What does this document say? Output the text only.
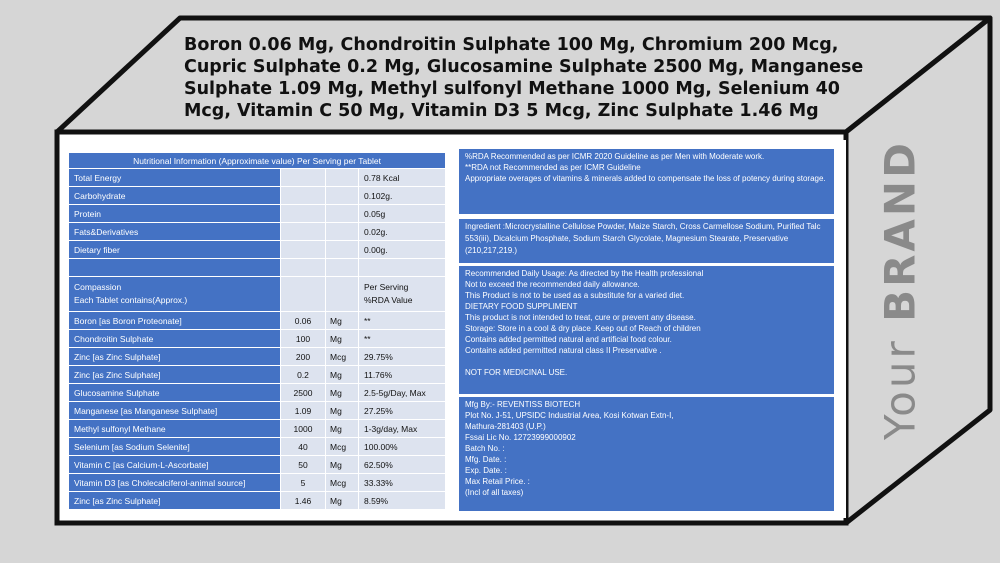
Boron 0.06 Mg, Chondroitin Sulphate 100 Mg, Chromium 200 Mcg, Cupric Sulphate 0.2 Mg, Glucosamine Sulphate 2500 Mg, Manganese Sulphate 1.09 Mg, Methyl sulfonyl Methane 1000 Mg, Selenium 40 Mcg, Vitamin C 50 Mg, Vitamin D3 5 Mcg, Zinc Sulphate 1.46 Mg

Your BRAND
Nutritional Information (Approximate value) Per Serving per Tablet			
Total Energy			0.78 Kcal
Carbohydrate			0.102g.
Protein			0.05g
Fats&Derivatives			0.02g.
Dietary fiber			0.00g.

Compassion
Each Tablet contains(Approx.)			Per Serving
%RDA Value
Boron [as Boron Proteonate]	0.06	Mg	**
Chondroitin Sulphate	100	Mg	**
Zinc [as Zinc Sulphate]	200	Mcg	29.75%
Zinc [as Zinc Sulphate]	0.2	Mg	11.76%
Glucosamine Sulphate	2500	Mg	2.5-5g/Day, Max
Manganese [as Manganese Sulphate]	1.09	Mg	27.25%
Methyl sulfonyl Methane	1000	Mg	1-3g/day, Max
Selenium [as Sodium Selenite]	40	Mcg	100.00%
Vitamin C [as Calcium-L-Ascorbate]	50	Mg	62.50%
Vitamin D3 [as Cholecalciferol-animal source]	5	Mcg	33.33%
Zinc [as Zinc Sulphate]	1.46	Mg	8.59%

%RDA Recommended as per ICMR 2020 Guideline as per Men with Moderate work.

**RDA not Recommended as per ICMR Guideline

Appropriate overages of vitamins & minerals added to compensate the loss of potency during storage.

Ingredient :Microcrystalline Cellulose Powder, Maize Starch, Cross Carmellose Sodium, Purified Talc 553(iii), Dicalcium Phosphate, Sodium Starch Glycolate, Magnesium Stearate, Preservative (210,217,219.)

Recommended Daily Usage: As directed by the Health professional

Not to exceed the recommended daily allowance.

This Product is not to be used as a substitute for a varied diet.

DIETARY FOOD SUPPLIMENT

This product is not intended to treat, cure or prevent any disease.

Storage: Store in a cool & dry place .Keep out of Reach of children

Contains added permitted natural and artificial food colour.

Contains added permitted natural class II Preservative .

NOT FOR MEDICINAL USE.

Mfg By:- REVENTISS BIOTECH

Plot No. J-51, UPSIDC Industrial Area, Kosi Kotwan Extn-I,

Mathura-281403 (U.P.)

Fssai Lic No. 12723999000902

Batch No. :

Mfg. Date. :

Exp. Date. :

Max Retail Price. :

(Incl of all taxes)
